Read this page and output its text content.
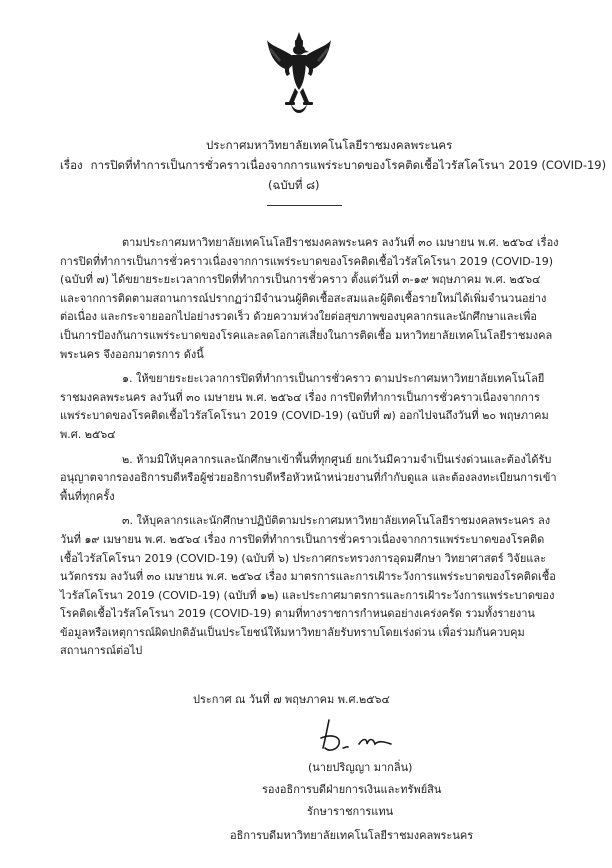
ประกาศมหาวิทยาลัยเทคโนโลยีราชมงคลพระนคร
เรื่อง การปิดที่ทำการเป็นการชั่วคราวเนื่องจากการแพร่ระบาดของโรคติดเชื้อไวรัสโคโรนา 2019 (COVID-19)
(ฉบับที่ ๘)

ตามประกาศมหาวิทยาลัยเทคโนโลยีราชมงคลพระนคร ลงวันที่ ๓๐ เมษายน พ.ศ. ๒๕๖๔ เรื่อง การปิดที่ทำการเป็นการชั่วคราวเนื่องจากการแพร่ระบาดของโรคติดเชื้อไวรัสโคโรนา 2019 (COVID-19) (ฉบับที่ ๗) ได้ขยายระยะเวลาการปิดที่ทำการเป็นการชั่วคราว ตั้งแต่วันที่ ๓-๑๙ พฤษภาคม พ.ศ. ๒๕๖๔ และจากการติดตามสถานการณ์ปรากฏว่ามีจำนวนผู้ติดเชื้อสะสมและผู้ติดเชื้อรายใหม่ได้เพิ่มจำนวนอย่างต่อเนื่อง และกระจายออกไปอย่างรวดเร็ว ด้วยความห่วงใยต่อสุขภาพของบุคลากรและนักศึกษาและเพื่อเป็นการป้องกันการแพร่ระบาดของโรคและลดโอกาสเสี่ยงในการติดเชื้อ มหาวิทยาลัยเทคโนโลยีราชมงคลพระนคร จึงออกมาตรการ ดังนี้

๑. ให้ขยายระยะเวลาการปิดที่ทำการเป็นการชั่วคราว ตามประกาศมหาวิทยาลัยเทคโนโลยีราชมงคลพระนคร ลงวันที่ ๓๐ เมษายน พ.ศ. ๒๕๖๔ เรื่อง การปิดที่ทำการเป็นการชั่วคราวเนื่องจากการแพร่ระบาดของโรคติดเชื้อไวรัสโคโรนา 2019 (COVID-19) (ฉบับที่ ๗) ออกไปจนถึงวันที่ ๒๐ พฤษภาคม พ.ศ. ๒๕๖๔

๒. ห้ามมิให้บุคลากรและนักศึกษาเข้าพื้นที่ทุกศูนย์ ยกเว้นมีความจำเป็นเร่งด่วนและต้องได้รับอนุญาตจากรองอธิการบดีหรือผู้ช่วยอธิการบดีหรือหัวหน้าหน่วยงานที่กำกับดูแล และต้องลงทะเบียนการเข้าพื้นที่ทุกครั้ง

๓. ให้บุคลากรและนักศึกษาปฏิบัติตามประกาศมหาวิทยาลัยเทคโนโลยีราชมงคลพระนคร ลงวันที่ ๑๙ เมษายน พ.ศ. ๒๕๖๔ เรื่อง การปิดที่ทำการเป็นการชั่วคราวเนื่องจากการแพร่ระบาดของโรคติดเชื้อไวรัสโคโรนา 2019 (COVID-19) (ฉบับที่ ๖) ประกาศกระทรวงการอุดมศึกษา วิทยาศาสตร์ วิจัยและนวัตกรรม ลงวันที่ ๓๐ เมษายน พ.ศ. ๒๕๖๔ เรื่อง มาตรการและการเฝ้าระวังการแพร่ระบาดของโรคติดเชื้อไวรัสโคโรนา 2019 (COVID-19) (ฉบับที่ ๑๒) และประกาศมาตรการและการเฝ้าระวังการแพร่ระบาดของโรคติดเชื้อไวรัสโคโรนา 2019 (COVID-19) ตามที่ทางราชการกำหนดอย่างเคร่งครัด รวมทั้งรายงานข้อมูลหรือเหตุการณ์ผิดปกติอันเป็นประโยชน์ให้มหาวิทยาลัยรับทราบโดยเร่งด่วน เพื่อร่วมกันควบคุมสถานการณ์ต่อไป

ประกาศ ณ วันที่ ๗ พฤษภาคม พ.ศ.๒๕๖๔
(นายปริญญา มากลิ่น)
รองอธิการบดีฝ่ายการเงินและทรัพย์สิน
รักษาราชการแทน
อธิการบดีมหาวิทยาลัยเทคโนโลยีราชมงคลพระนคร
